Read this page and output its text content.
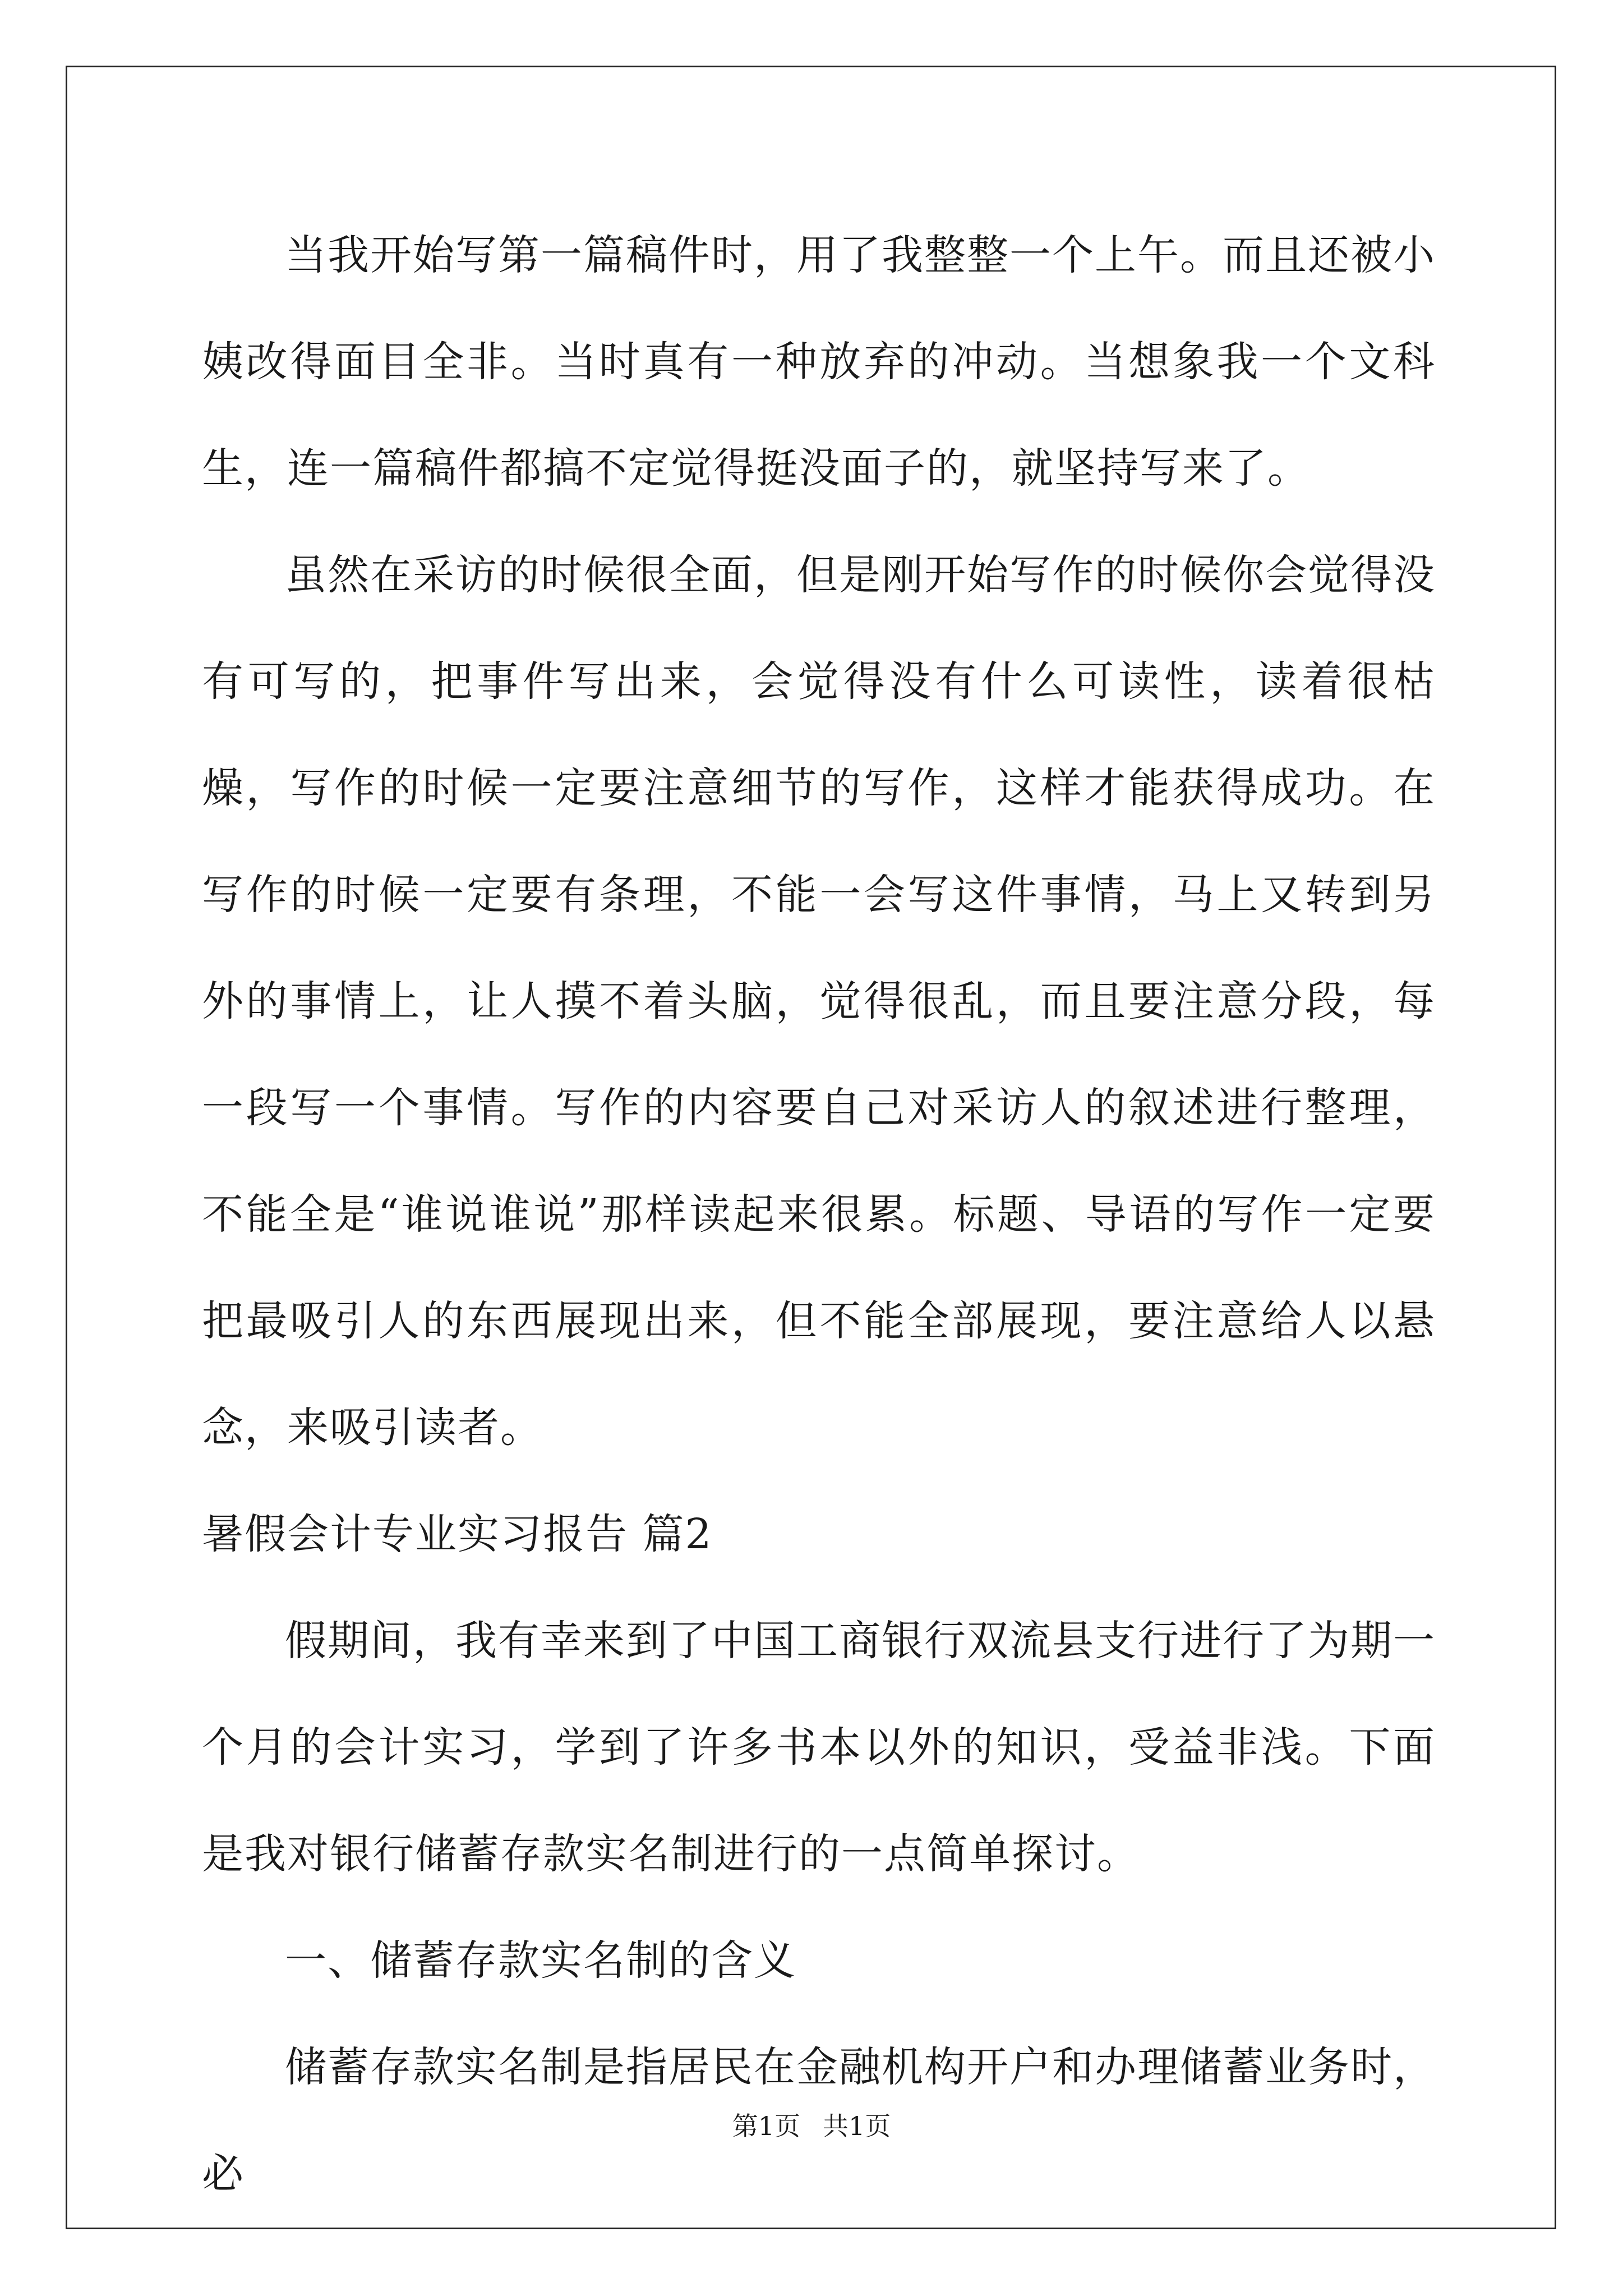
当我开始写第一篇稿件时，用了我整整一个上午。而且还被小姨改得面目全非。当时真有一种放弃的冲动。当想象我一个文科生，连一篇稿件都搞不定觉得挺没面子的，就坚持写来了。

虽然在采访的时候很全面，但是刚开始写作的时候你会觉得没有可写的，把事件写出来，会觉得没有什么可读性，读着很枯燥，写作的时候一定要注意细节的写作，这样才能获得成功。在写作的时候一定要有条理，不能一会写这件事情，马上又转到另外的事情上，让人摸不着头脑，觉得很乱，而且要注意分段，每一段写一个事情。写作的内容要自己对采访人的叙述进行整理，不能全是“谁说谁说”那样读起来很累。标题、导语的写作一定要把最吸引人的东西展现出来，但不能全部展现，要注意给人以悬念，来吸引读者。

暑假会计专业实习报告 篇2

假期间，我有幸来到了中国工商银行双流县支行进行了为期一个月的会计实习，学到了许多书本以外的知识，受益非浅。下面是我对银行储蓄存款实名制进行的一点简单探讨。

一、储蓄存款实名制的含义

储蓄存款实名制是指居民在金融机构开户和办理储蓄业务时，必

第1页 共1页
